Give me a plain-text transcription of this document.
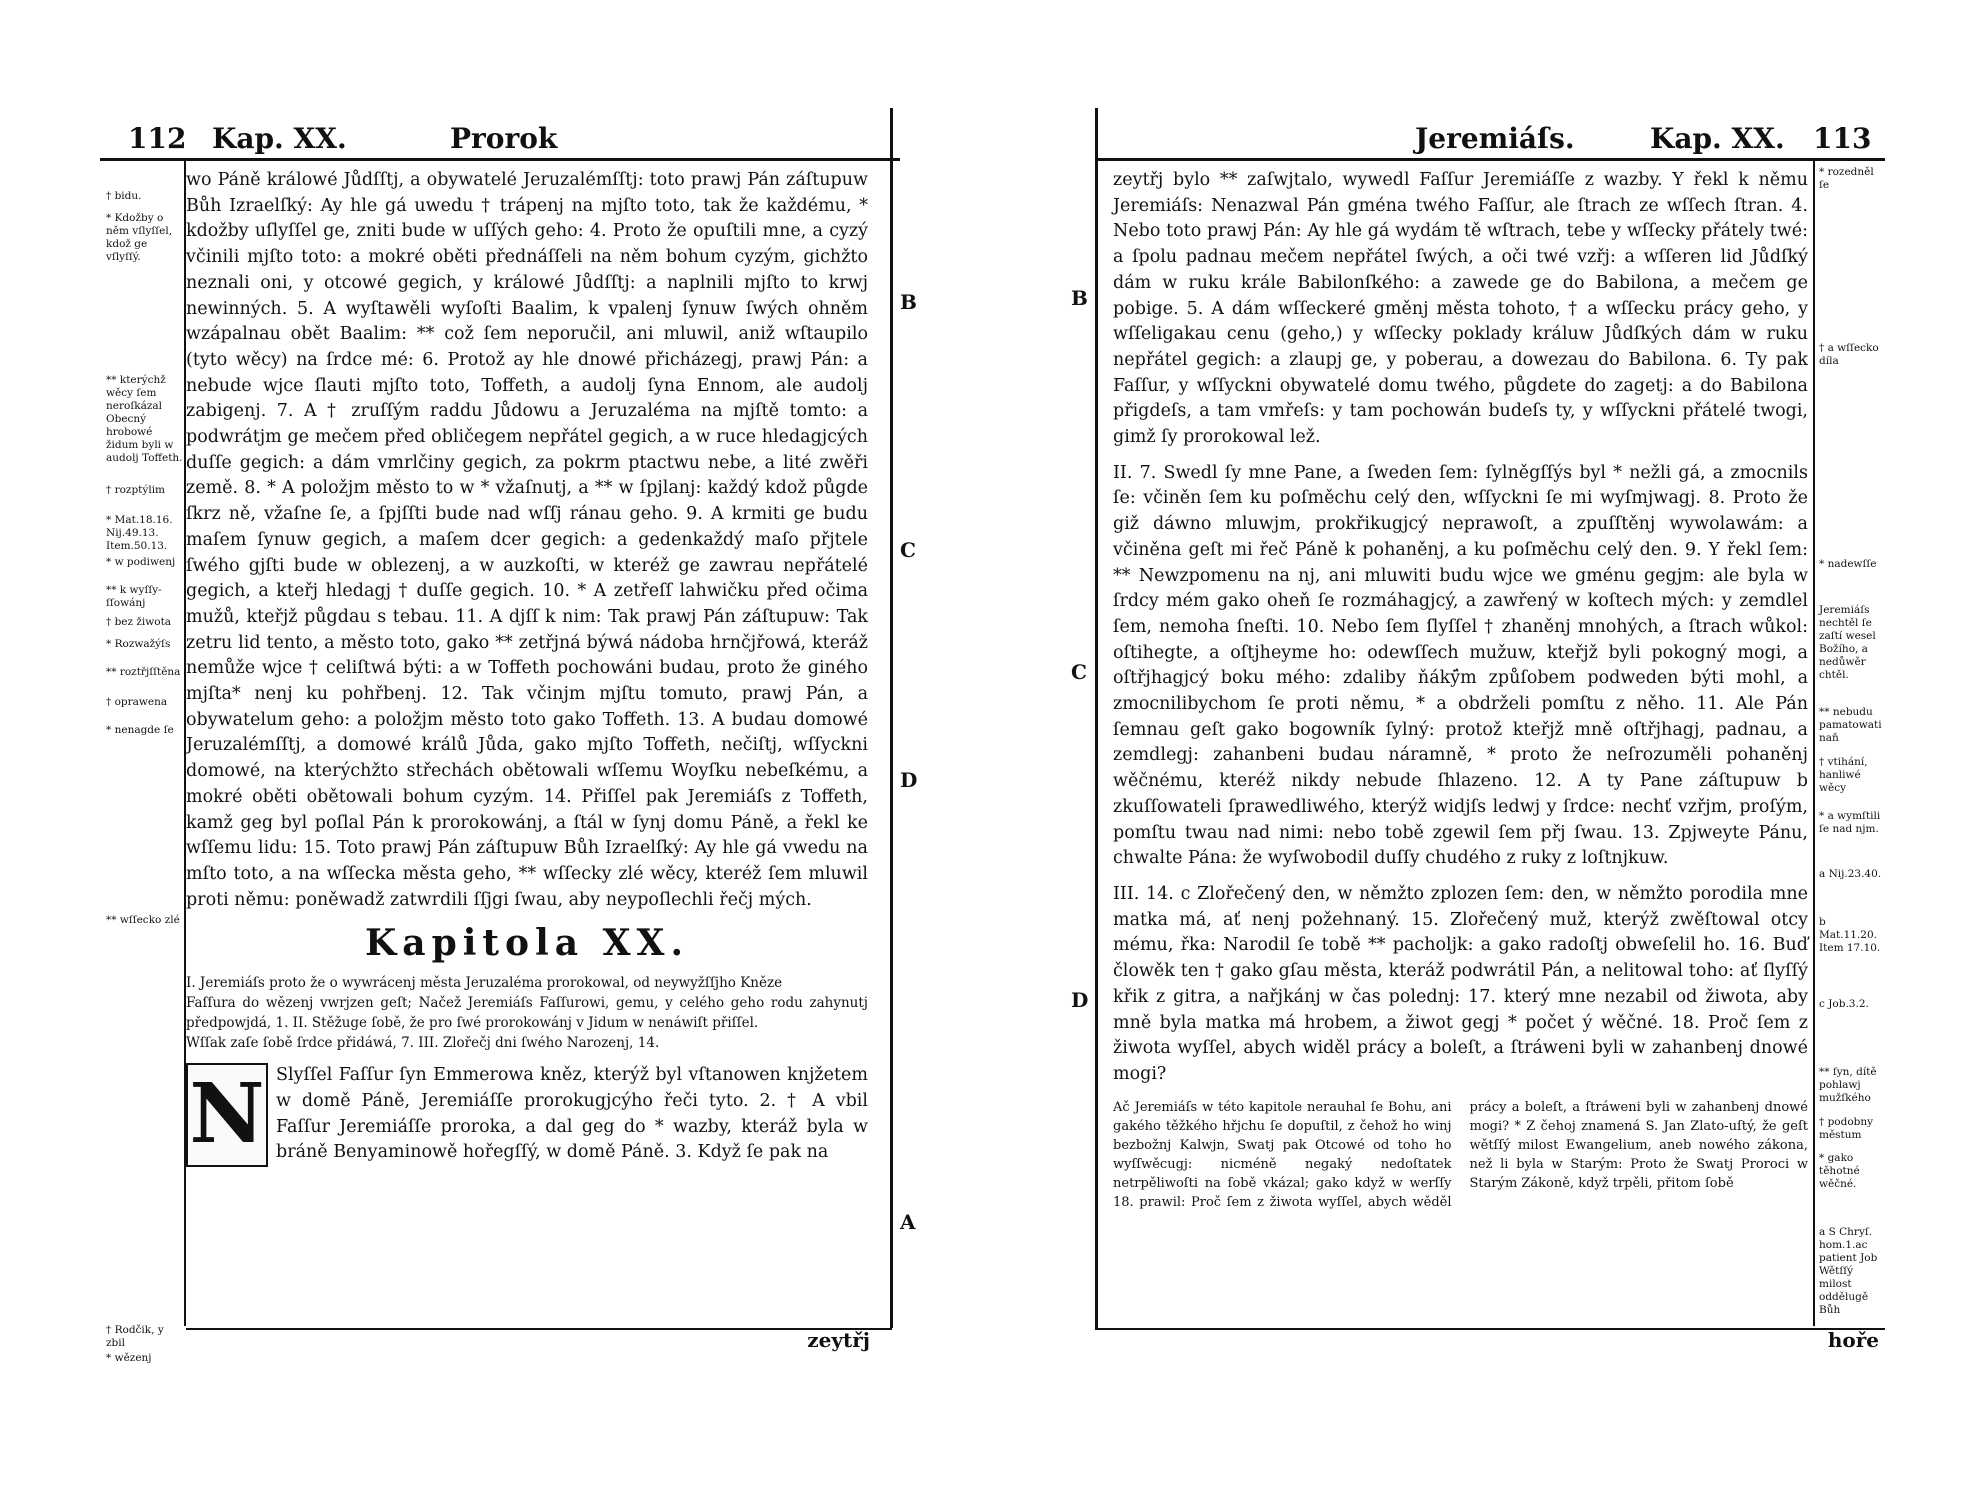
112 Kap. XX.	Prorok
† bidu.
* Kdožby o něm vſlyſſel, kdož ge vſlyſſý.
** kterýchž wěcy ſem neroſkázal Obecný hrobowé židum byli w audolj Toffeth.
† rozptýlim
* Mat.18.16. Nij.49.13. Item.50.13.
* w podiwenj
** k wyſſyſſowánj
† bez žiwota
* Rozwažýſs
** roztřjſſtěna
† oprawena
* nenagde ſe
** wſſecko zlé
† Rodčik, y zbil
* wězenj
B
C
D
A

wo Páně králowé Jůdſſtj, a obywatelé Jeruzalémſſtj: toto prawj Pán záſtupuw Bůh Izraelſký: Ay hle gá uwedu † trápenj na mjſto toto, tak že každému, * kdožby uſlyſſel ge, zniti bude w uſſých geho: 4. Proto že opuſtili mne, a cyzý včinili mjſto toto: a mokré oběti přednáſſeli na něm bohum cyzým, gichžto neznali oni, y otcowé gegich, y králowé Jůdſſtj: a naplnili mjſto to krwj newinných. 5. A wyſtawěli wyſoſti Baalim, k vpalenj ſynuw ſwých ohněm wzápalnau obět Baalim: ** což ſem neporučil, ani mluwil, aniž wſtaupilo (tyto wěcy) na ſrdce mé: 6. Protož ay hle dnowé přicházegj, prawj Pán: a nebude wjce ſlauti mjſto toto, Toffeth, a audolj ſyna Ennom, ale audolj zabigenj. 7. A † zruſſým raddu Jůdowu a Jeruzaléma na mjſtě tomto: a podwrátjm ge mečem před obličegem nepřátel gegich, a w ruce hledagjcých duſſe gegich: a dám vmrlčiny gegich, za pokrm ptactwu nebe, a lité zwěři země. 8. * A položjm město to w * vžaſnutj, a ** w ſpjlanj: každý kdož půgde ſkrz ně, vžaſne ſe, a ſpjſſti bude nad wſſj ránau geho. 9. A krmiti ge budu maſem ſynuw gegich, a maſem dcer gegich: a gedenkaždý maſo přjtele ſwého gjſti bude w oblezenj, a w auzkoſti, w kteréž ge zawrau nepřátelé gegich, a kteřj hledagj † duſſe gegich. 10. * A zetřeſſ lahwičku před očima mužů, kteřjž půgdau s tebau. 11. A djſſ k nim: Tak prawj Pán záſtupuw: Tak zetru lid tento, a město toto, gako ** zetřjná býwá nádoba hrnčjřowá, kteráž nemůže wjce † celiſtwá býti: a w Toffeth pochowáni budau, proto že giného mjſta* nenj ku pohřbenj. 12. Tak včinjm mjſtu tomuto, prawj Pán, a obywatelum geho: a položjm město toto gako Toffeth. 13. A budau domowé Jeruzalémſſtj, a domowé králů Jůda, gako mjſto Toffeth, nečiſtj, wſſyckni domowé, na kterýchžto střechách obětowali wſſemu Woyſku nebeſkému, a mokré oběti obětowali bohum cyzým. 14. Přiſſel pak Jeremiáſs z Toffeth, kamž geg byl poſlal Pán k prorokowánj, a ſtál w ſynj domu Páně, a řekl ke wſſemu lidu: 15. Toto prawj Pán záſtupuw Bůh Izraelſký: Ay hle gá vwedu na mſto toto, a na wſſecka města geho, ** wſſecky zlé wěcy, kteréž ſem mluwil proti němu: poněwadž zatwrdili ſſjgi ſwau, aby neypoſlechli řečj mých.

Kapitola XX.
I. Jeremiáſs proto že o wywrácenj města Jeruzaléma prorokowal, od neywyžſſjho Kněze
Faſſura do wězenj vwrjzen geſt; Načež Jeremiáſs Faſſurowi, gemu, y celého geho rodu zahynutj předpowjdá, 1. II. Stěžuge ſobě, že pro ſwé prorokowánj v Jidum w nenáwiſt přiſſel.
Wſſak zaſe ſobě ſrdce přidáwá, 7. III. Zlořečj dni ſwého Narozenj, 14.
N Slyſſel Faſſur ſyn Emmerowa kněz, kterýž byl vſtanowen knjžetem w domě Páně, Jeremiáſſe prorokugjcýho řeči tyto. 2. † A vbil Faſſur Jeremiáſſe proroka, a dal geg do * wazby, kteráž byla w bráně Benyaminowě hořegſſý, w domě Páně. 3. Když ſe pak na

zeytřj
Jeremiáſs.	Kap. XX. 113
* rozedněl ſe
† a wſſecko díla
* nadewſſe
Jeremiáſs nechtěl ſe zaſtí wesel Božího, a nedůwěr chtěl.
** nebudu pamatowati naň
† vtihání, hanliwé wěcy
* a wymſtili ſe nad njm.
a Nij.23.40.
b Mat.11.20. Item 17.10.
c Job.3.2.
** ſyn, dítě pohlawj mužſkého
† podobny městum
* gako těhotné wěčné.
a S Chryſ. hom.1.ac patient Job Wětſſý milost oddělugě Bůh
B
C
D

zeytřj bylo ** zaſwjtalo, wywedl Faſſur Jeremiáſſe z wazby. Y řekl k němu Jeremiáſs: Nenazwal Pán gména twého Faſſur, ale ſtrach ze wſſech ſtran. 4. Nebo toto prawj Pán: Ay hle gá wydám tě wſtrach, tebe y wſſecky přátely twé: a ſpolu padnau mečem nepřátel ſwých, a oči twé vzřj: a wſſeren lid Jůdſký dám w ruku krále Babilonſkého: a zawede ge do Babilona, a mečem ge pobige. 5. A dám wſſeckeré gměnj města tohoto, † a wſſecku prácy geho, y wſſeligakau cenu (geho,) y wſſecky poklady králuw Jůdſkých dám w ruku nepřátel gegich: a zlaupj ge, y poberau, a dowezau do Babilona. 6. Ty pak Faſſur, y wſſyckni obywatelé domu twého, půgdete do zagetj: a do Babilona přigdeſs, a tam vmřeſs: y tam pochowán budeſs ty, y wſſyckni přátelé twogi, gimž ſy prorokowal lež.

II. 7. Swedl ſy mne Pane, a ſweden ſem: ſylněgſſýs byl * nežli gá, a zmocnils ſe: včiněn ſem ku poſměchu celý den, wſſyckni ſe mi wyſmjwagj. 8. Proto že giž dáwno mluwjm, prokřikugjcý neprawoſt, a zpuſſtěnj wywolawám: a včiněna geſt mi řeč Páně k pohaněnj, a ku poſměchu celý den. 9. Y řekl ſem: ** Newzpomenu na nj, ani mluwiti budu wjce we gménu gegjm: ale byla w ſrdcy mém gako oheň ſe rozmáhagjcý, a zawřený w koſtech mých: y zemdlel ſem, nemoha ſneſti. 10. Nebo ſem ſlyſſel † zhaněnj mnohých, a ſtrach wůkol: oſtihegte, a oſtjheyme ho: odewſſech mužuw, kteřjž byli pokogný mogi, a oſtřjhagjcý boku mého: zdaliby ňáký̈m způſobem podweden býti mohl, a zmocnilibychom ſe proti němu, * a obdrželi pomſtu z něho. 11. Ale Pán ſemnau geſt gako bogowník ſylný: protož kteřjž mně oſtřjhagj, padnau, a zemdlegj: zahanbeni budau náramně, * proto že neſrozuměli pohaněnj wěčnému, kteréž nikdy nebude ſhlazeno. 12. A ty Pane záſtupuw b zkuſſowateli ſprawedliwého, kterýž widjſs ledwj y ſrdce: nechť vzřjm, proſým, pomſtu twau nad nimi: nebo tobě zgewil ſem přj ſwau. 13. Zpjweyte Pánu, chwalte Pána: že wyſwobodil duſſy chudého z ruky z loſtnjkuw.

III. 14. c Zlořečený den, w němžto zplozen ſem: den, w němžto porodila mne matka má, ať nenj požehnaný. 15. Zlořečený muž, kterýž zwěſtowal otcy mému, řka: Narodil ſe tobě ** pacholjk: a gako radoſtj obweſelil ho. 16. Buď člowěk ten † gako gſau města, kteráž podwrátil Pán, a nelitowal toho: ať ſlyſſý křik z gitra, a nařjkánj w čas polednj: 17. který mne nezabil od žiwota, aby mně byla matka má hrobem, a žiwot gegj * počet ý wěčné. 18. Proč ſem z žiwota wyſſel, abych widěl prácy a boleſt, a ſtráweni byli w zahanbenj dnowé mogi?

Ač Jeremiáſs w této kapitole nerauhal ſe Bohu, ani gakého těžkého hřjchu ſe dopuſtil, z čehož ho winj bezbožnj Kalwjn, Swatj pak Otcowé od toho ho wyſſwěcugj: nicméně negaký nedoſtatek netrpěliwoſti na ſobě vkázal; gako když w werſſy 18. prawil: Proč ſem z žiwota wyſſel, abych wěděl prácy a boleſt, a ſtráweni byli w zahanbenj dnowé mogi? * Z čehoj znamená S. Jan Zlato-uſtý, že geſt wětſſý milost Ewangelium, aneb nowého zákona, než li byla w Starým: Proto že Swatj Proroci w Starým Zákoně, když trpěli, přitom ſobě

hoře
